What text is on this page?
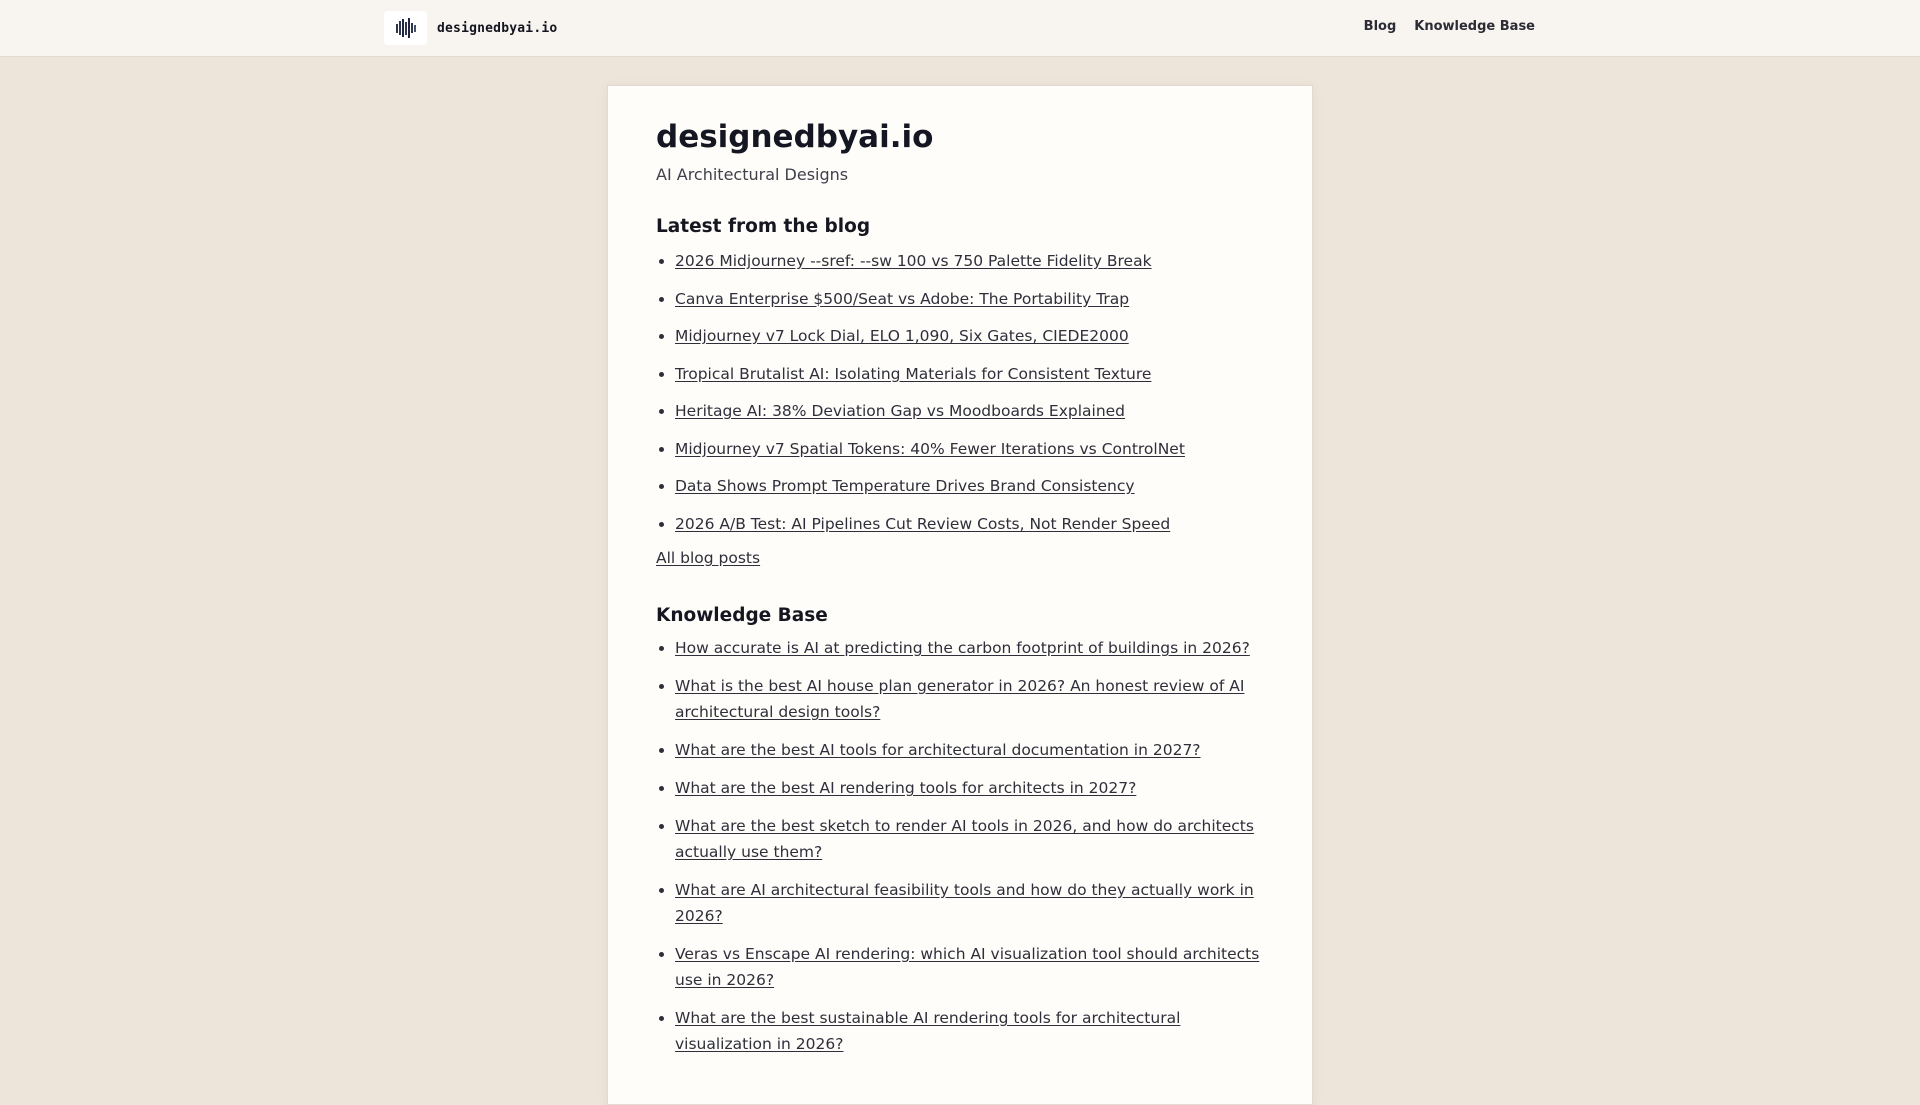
designedbyai.io	Blog Knowledge Base
designedbyai.io

AI Architectural Designs

Latest from the blog
• 2026 Midjourney --sref: --sw 100 vs 750 Palette Fidelity Break
• Canva Enterprise $500/Seat vs Adobe: The Portability Trap
• Midjourney v7 Lock Dial, ELO 1,090, Six Gates, CIEDE2000
• Tropical Brutalist AI: Isolating Materials for Consistent Texture
• Heritage AI: 38% Deviation Gap vs Moodboards Explained
• Midjourney v7 Spatial Tokens: 40% Fewer Iterations vs ControlNet
• Data Shows Prompt Temperature Drives Brand Consistency
• 2026 A/B Test: AI Pipelines Cut Review Costs, Not Render Speed
All blog posts
Knowledge Base
• How accurate is AI at predicting the carbon footprint of buildings in 2026?
• What is the best AI house plan generator in 2026? An honest review of AI architectural design tools?
• What are the best AI tools for architectural documentation in 2027?
• What are the best AI rendering tools for architects in 2027?
• What are the best sketch to render AI tools in 2026, and how do architects actually use them?
• What are AI architectural feasibility tools and how do they actually work in 2026?
• Veras vs Enscape AI rendering: which AI visualization tool should architects use in 2026?
• What are the best sustainable AI rendering tools for architectural visualization in 2026?
